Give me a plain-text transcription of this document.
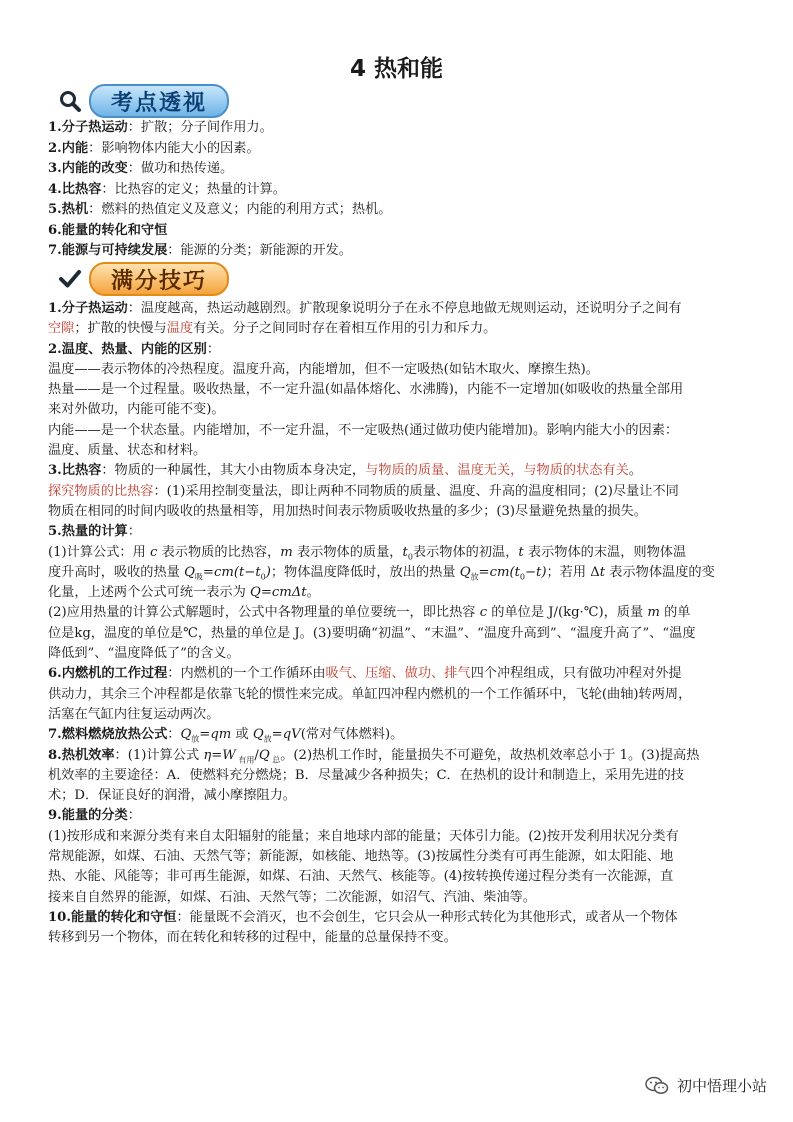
4 热和能
考点透视
1.分子热运动：扩散；分子间作用力。
2.内能：影响物体内能大小的因素。
3.内能的改变：做功和热传递。
4.比热容：比热容的定义；热量的计算。
5.热机：燃料的热值定义及意义；内能的利用方式；热机。
6.能量的转化和守恒
7.能源与可持续发展：能源的分类；新能源的开发。
满分技巧
1.分子热运动：温度越高，热运动越剧烈。扩散现象说明分子在永不停息地做无规则运动，还说明分子之间有
空隙；扩散的快慢与温度有关。分子之间同时存在着相互作用的引力和斥力。
2.温度、热量、内能的区别：
温度——表示物体的冷热程度。温度升高，内能增加，但不一定吸热(如钻木取火、摩擦生热)。
热量——是一个过程量。吸收热量，不一定升温(如晶体熔化、水沸腾)，内能不一定增加(如吸收的热量全部用
来对外做功，内能可能不变)。
内能——是一个状态量。内能增加，不一定升温，不一定吸热(通过做功使内能增加)。影响内能大小的因素：
温度、质量、状态和材料。
3.比热容：物质的一种属性，其大小由物质本身决定，与物质的质量、温度无关，与物质的状态有关。
探究物质的比热容：(1)采用控制变量法，即让两种不同物质的质量、温度、升高的温度相同；(2)尽量让不同
物质在相同的时间内吸收的热量相等，用加热时间表示物质吸收热量的多少；(3)尽量避免热量的损失。
5.热量的计算：
(1)计算公式：用 c 表示物质的比热容，m 表示物体的质量，$t_0$表示物体的初温，t 表示物体的末温，则物体温
度升高时，吸收的热量 $Q_吸=cm(t-t_0)$；物体温度降低时，放出的热量 $Q_放=cm(t_0-t)$；若用 Δt 表示物体温度的变
化量，上述两个公式可统一表示为 Q=cmΔt。
(2)应用热量的计算公式解题时，公式中各物理量的单位要统一，即比热容 c 的单位是 J/(kg·℃)，质量 m 的单
位是kg，温度的单位是℃，热量的单位是 J。(3)要明确“初温”、“末温”、“温度升高到”、“温度升高了”、“温度
降低到”、“温度降低了”的含义。
6.内燃机的工作过程：内燃机的一个工作循环由吸气、压缩、做功、排气四个冲程组成，只有做功冲程对外提
供动力，其余三个冲程都是依靠飞轮的惯性来完成。单缸四冲程内燃机的一个工作循环中，飞轮(曲轴)转两周，
活塞在气缸内往复运动两次。
7.燃料燃烧放热公式：$Q_放=qm$ 或 $Q_放=qV$(常对气体燃料)。
8.热机效率：(1)计算公式 η=W $_{有用}$/Q $_总$。(2)热机工作时，能量损失不可避免，故热机效率总小于 1。(3)提高热
机效率的主要途径：A．使燃料充分燃烧；B．尽量减少各种损失；C．在热机的设计和制造上，采用先进的技
术；D．保证良好的润滑，减小摩擦阻力。
9.能量的分类：
(1)按形成和来源分类有来自太阳辐射的能量；来自地球内部的能量；天体引力能。(2)按开发利用状况分类有
常规能源，如煤、石油、天然气等；新能源，如核能、地热等。(3)按属性分类有可再生能源，如太阳能、地
热、水能、风能等；非可再生能源，如煤、石油、天然气、核能等。(4)按转换传递过程分类有一次能源，直
接来自自然界的能源，如煤、石油、天然气等；二次能源，如沼气、汽油、柴油等。
10.能量的转化和守恒：能量既不会消灭，也不会创生，它只会从一种形式转化为其他形式，或者从一个物体
转移到另一个物体，而在转化和转移的过程中，能量的总量保持不变。
初中悟理小站
